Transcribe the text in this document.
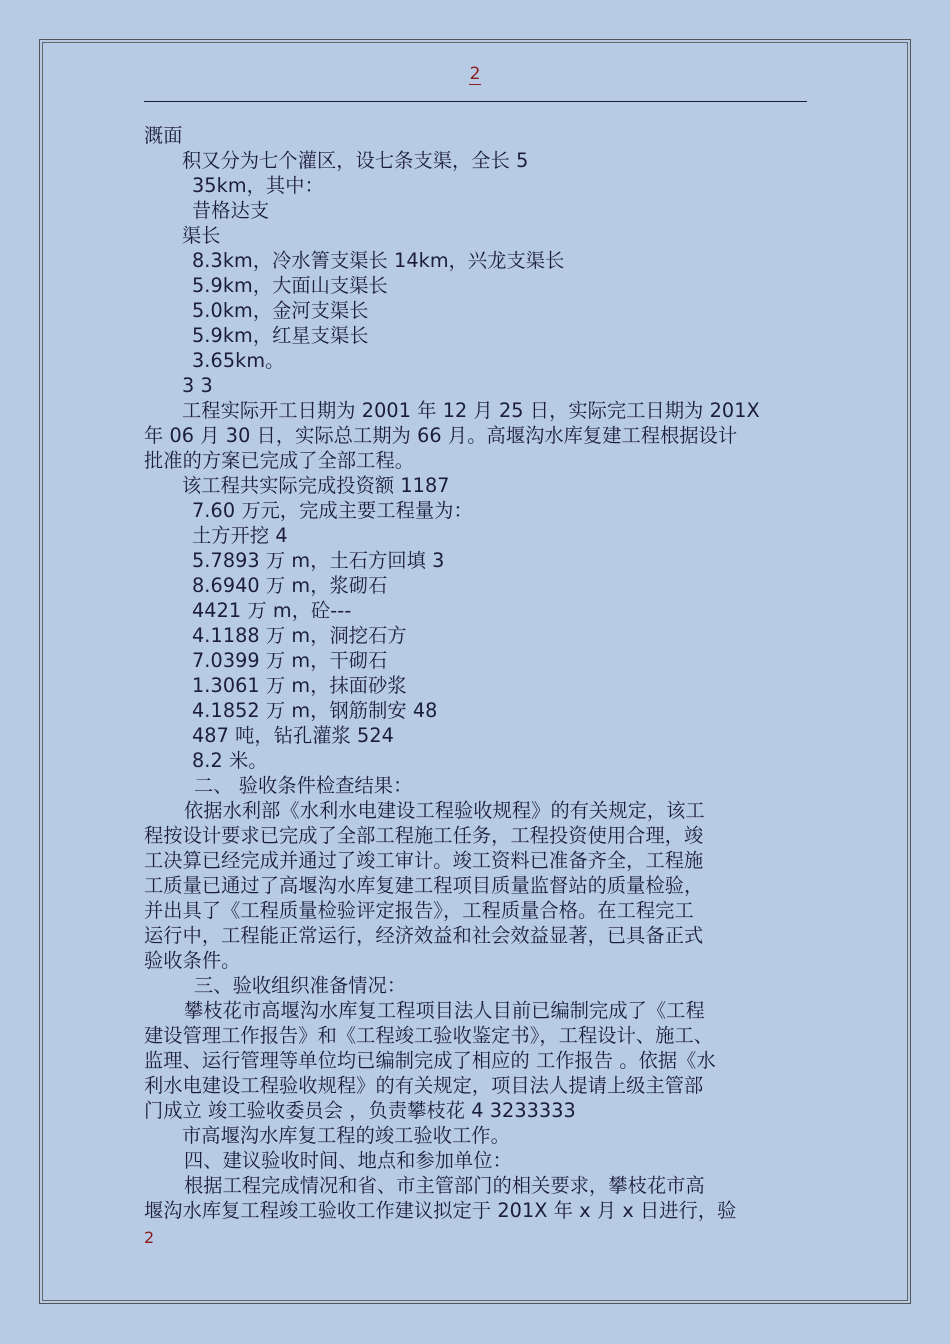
2
溉面
积又分为七个灌区，设七条支渠，全长 5
35km，其中：
昔格达支
渠长
8.3km，冷水箐支渠长 14km，兴龙支渠长
5.9km，大面山支渠长
5.0km，金河支渠长
5.9km，红星支渠长
3.65km。
3 3
工程实际开工日期为 2001 年 12 月 25 日，实际完工日期为 201X
年 06 月 30 日，实际总工期为 66 月。高堰沟水库复建工程根据设计
批准的方案已完成了全部工程。
该工程共实际完成投资额 1187
7.60 万元，完成主要工程量为：
土方开挖 4
5.7893 万 m，土石方回填 3
8.6940 万 m，浆砌石
4421 万 m，砼---
4.1188 万 m，洞挖石方
7.0399 万 m，干砌石
1.3061 万 m，抹面砂浆
4.1852 万 m，钢筋制安 48
487 吨，钻孔灌浆 524
8.2 米。
二、 验收条件检查结果：
依据水利部《水利水电建设工程验收规程》的有关规定，该工
程按设计要求已完成了全部工程施工任务，工程投资使用合理，竣
工决算已经完成并通过了竣工审计。竣工资料已准备齐全，工程施
工质量已通过了高堰沟水库复建工程项目质量监督站的质量检验，
并出具了《工程质量检验评定报告》，工程质量合格。在工程完工
运行中，工程能正常运行，经济效益和社会效益显著，已具备正式
验收条件。
三、验收组织准备情况：
攀枝花市高堰沟水库复工程项目法人目前已编制完成了《工程
建设管理工作报告》和《工程竣工验收鉴定书》，工程设计、施工、
监理、运行管理等单位均已编制完成了相应的 工作报告 。依据《水
利水电建设工程验收规程》的有关规定，项目法人提请上级主管部
门成立 竣工验收委员会 ，负责攀枝花 4 3233333
市高堰沟水库复工程的竣工验收工作。
四、建议验收时间、地点和参加单位：
根据工程完成情况和省、市主管部门的相关要求，攀枝花市高
堰沟水库复工程竣工验收工作建议拟定于 201X 年 x 月 x 日进行，验
2
